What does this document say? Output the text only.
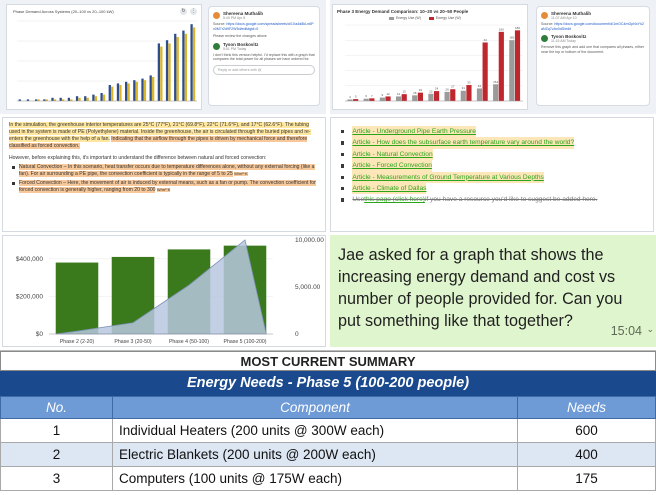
Phase Demand Across Systems (20–100 vs 20–100 kW)	↻ ⋮	Shereena Muthalib
5:40 PM Apr 8
Source: https://docs.google.com/spreadsheets/d/1Xa4d8kLn6Pv0M7r2d9F2W5d/edit#gid=0
Please review the changes above
Tyson Boskovitz
5:51 PM Today
I don't think this version helpful. I'd replace this with a graph that compares the total power for all phases we have ordered for.
Reply or add others with @
Phase 3 Energy Demand Comparison: 10–20 vs 20–50 People
Energy Use (W)	Energy Use (W)
4 5	6 7	9 12 12
15 18
19 22
24 26
27 31
33
42
44
154
160
182
186
Shereena Muthalib
11:07 AM Apr 10
Source: https://docs.google.com/document/d/1mOC4mGpNxYk2aNZq7vAx0dS/edit
Tyson Boskovitz
11:15 AM Today
Remove this graph and add one that compares all phases, either near the top or bottom of the document.

In the simulation, the greenhouse interior temperatures are 25°C (77°F), 21°C (69.8°F), 22°C (71.6°F), and 17°C (62.6°F). The tubing used in the system is made of PE (Polyethylene) material. Inside the greenhouse, the air is circulated through the buried pipes and re-enters the greenhouse with the help of a fan. Indicating that the airflow through the pipes is driven by mechanical force and therefore classified as forced convection.

However, before explaining this, it's important to understand the difference between natural and forced convection:

Natural Convection – In this scenario, heat transfer occurs due to temperature differences alone, without any external forcing (like a fan). For air surrounding a PE pipe, the convection coefficient is typically in the range of 5 to 25 W/m²·K
Forced Convection – Here, the movement of air is induced by external means, such as a fan or pump. The convection coefficient for forced convection is generally higher, ranging from 20 to 300 W/m²·K
Article - Underground Pipe Earth Pressure
Article - How does the subsurface earth temperature vary around the world?
Article - Natural Convection
Article - Forced Convection
Article - Measurements of Ground Temperature at Various Depths
Article - Climate of Dallas
Use this page (click here) if you have a resource you'd like to suggest be added here.
$0
$200,000
$400,000
0
5,000.00
10,000.00
Phase 2 (2-20)	Phase 3 (20-50)	Phase 4 (50-100)	Phase 5 (100-200)
Jae asked for a graph that shows the increasing energy demand and cost vs number of people provided for. Can you put something like that together?
15:04 ⌄
MOST CURRENT SUMMARY
Energy Needs - Phase 5 (100-200 people)
No.	Component	Needs
1	Individual Heaters (200 units @ 300W each)	600
2	Electric Blankets (200 units @ 200W each)	400
3	Computers (100 units @ 175W each)	175
